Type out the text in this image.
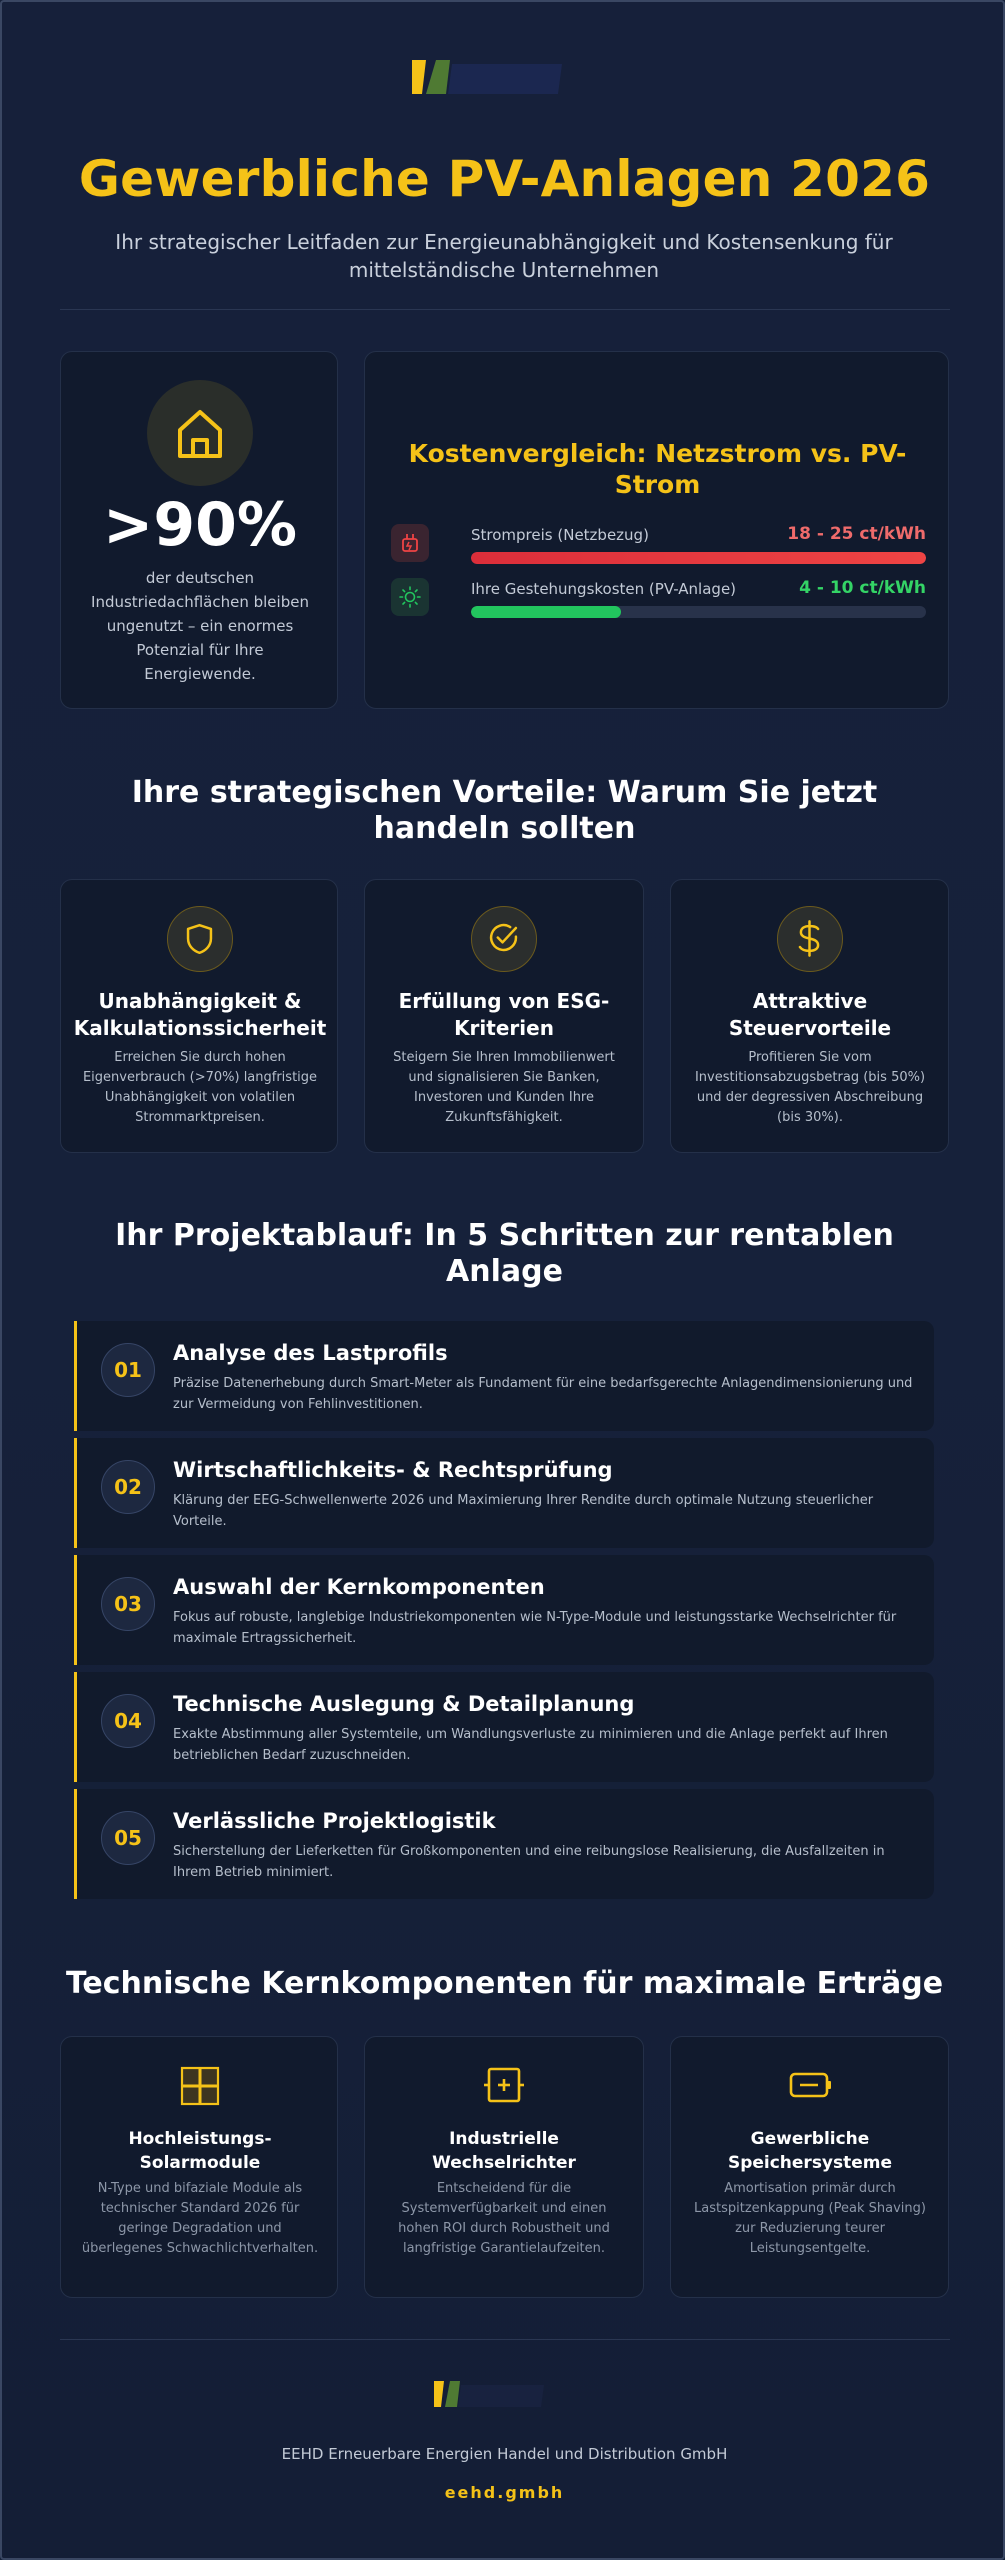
Gewerbliche PV-Anlagen 2026
Ihr strategischer Leitfaden zur Energieunabhängigkeit und Kostensenkung für mittelständische Unternehmen
>90%
der deutschen Industriedachflächen bleiben ungenutzt – ein enormes Potenzial für Ihre Energiewende.
Kostenvergleich: Netzstrom vs. PV-Strom
Strompreis (Netzbezug)	18 - 25 ct/kWh
Ihre Gestehungskosten (PV-Anlage)	4 - 10 ct/kWh
Ihre strategischen Vorteile: Warum Sie jetzt handeln sollten
Unabhängigkeit & Kalkulationssicherheit
Erreichen Sie durch hohen Eigenverbrauch (>70%) langfristige Unabhängigkeit von volatilen Strommarktpreisen.
Erfüllung von ESG-Kriterien
Steigern Sie Ihren Immobilienwert und signalisieren Sie Banken, Investoren und Kunden Ihre Zukunftsfähigkeit.
Attraktive Steuervorteile
Profitieren Sie vom Investitionsabzugsbetrag (bis 50%) und der degressiven Abschreibung (bis 30%).
Ihr Projektablauf: In 5 Schritten zur rentablen Anlage
01
Analyse des Lastprofils
Präzise Datenerhebung durch Smart-Meter als Fundament für eine bedarfsgerechte Anlagendimensionierung und zur Vermeidung von Fehlinvestitionen.
02
Wirtschaftlichkeits- & Rechtsprüfung
Klärung der EEG-Schwellenwerte 2026 und Maximierung Ihrer Rendite durch optimale Nutzung steuerlicher Vorteile.
03
Auswahl der Kernkomponenten
Fokus auf robuste, langlebige Industriekomponenten wie N-Type-Module und leistungsstarke Wechselrichter für maximale Ertragssicherheit.
04
Technische Auslegung & Detailplanung
Exakte Abstimmung aller Systemteile, um Wandlungsverluste zu minimieren und die Anlage perfekt auf Ihren betrieblichen Bedarf zuzuschneiden.
05
Verlässliche Projektlogistik
Sicherstellung der Lieferketten für Großkomponenten und eine reibungslose Realisierung, die Ausfallzeiten in Ihrem Betrieb minimiert.
Technische Kernkomponenten für maximale Erträge
Hochleistungs-Solarmodule
N-Type und bifaziale Module als technischer Standard 2026 für geringe Degradation und überlegenes Schwachlichtverhalten.
Industrielle Wechselrichter
Entscheidend für die Systemverfügbarkeit und einen hohen ROI durch Robustheit und langfristige Garantielaufzeiten.
Gewerbliche Speichersysteme
Amortisation primär durch Lastspitzenkappung (Peak Shaving) zur Reduzierung teurer Leistungsentgelte.
EEHD Erneuerbare Energien Handel und Distribution GmbH
eehd.gmbh
